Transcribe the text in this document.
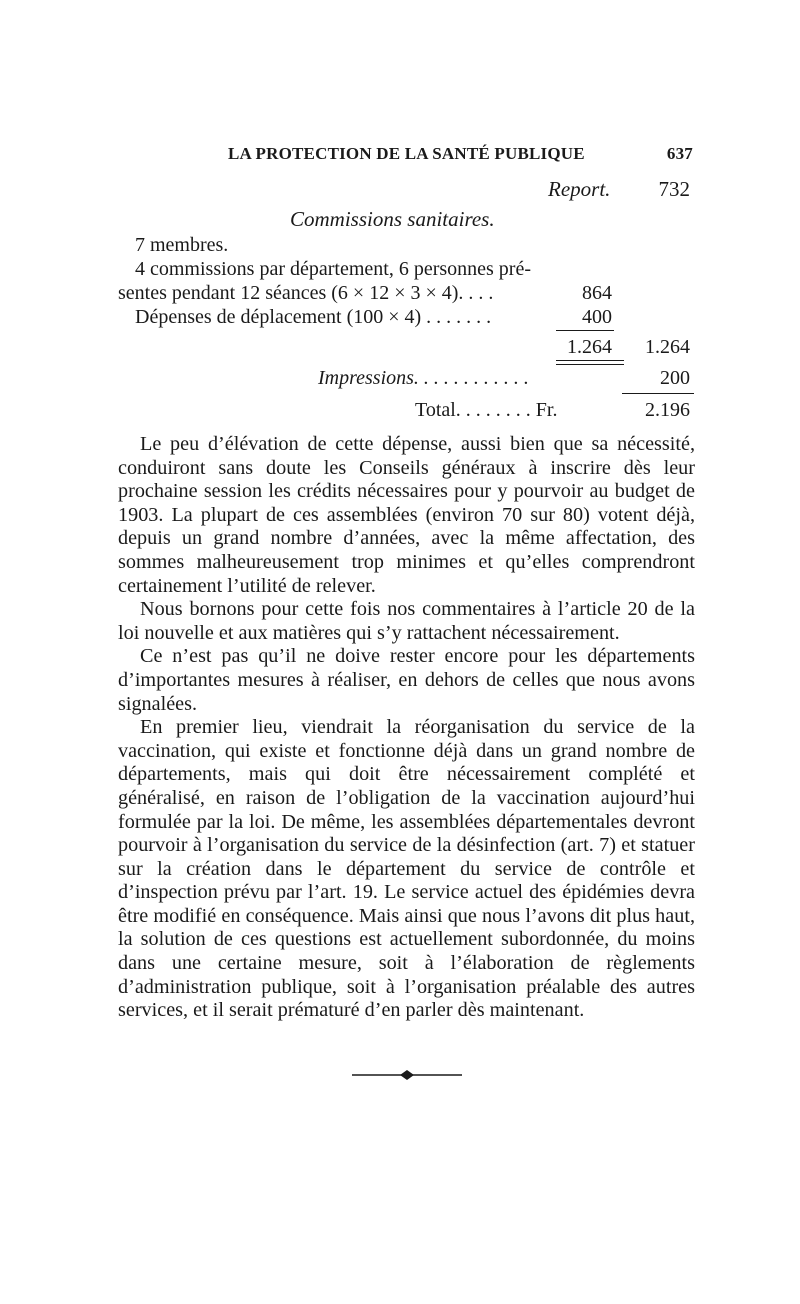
LA PROTECTION DE LA SANTÉ PUBLIQUE	637
Report. 732
Commissions sanitaires.
7 membres.
4 commissions par département, 6 personnes pré-
sentes pendant 12 séances (6 × 12 × 3 × 4). . . .	864
Dépenses de déplacement (100 × 4) . . . . . . .	400
1.264 1.264
Impressions. . . . . . . . . . . .	200
Total. . . . . . . . Fr.	2.196

Le peu d’élévation de cette dépense, aussi bien que sa nécessité, conduiront sans doute les Conseils généraux à inscrire dès leur prochaine session les crédits nécessaires pour y pourvoir au budget de 1903. La plupart de ces assemblées (environ 70 sur 80) votent déjà, depuis un grand nombre d’années, avec la même affectation, des sommes malheureusement trop minimes et qu’elles comprendront certainement l’utilité de relever.

Nous bornons pour cette fois nos commentaires à l’article 20 de la loi nouvelle et aux matières qui s’y rattachent nécessairement.

Ce n’est pas qu’il ne doive rester encore pour les départements d’importantes mesures à réaliser, en dehors de celles que nous avons signalées.

En premier lieu, viendrait la réorganisation du service de la vaccination, qui existe et fonctionne déjà dans un grand nombre de départements, mais qui doit être nécessairement complété et généralisé, en raison de l’obligation de la vaccination aujourd’hui formulée par la loi. De même, les assemblées départementales devront pourvoir à l’organisation du service de la désinfection (art. 7) et statuer sur la création dans le département du service de contrôle et d’inspection prévu par l’art. 19. Le service actuel des épidémies devra être modifié en conséquence. Mais ainsi que nous l’avons dit plus haut, la solution de ces questions est actuellement subordonnée, du moins dans une certaine mesure, soit à l’élaboration de règlements d’administration publique, soit à l’organisation préalable des autres services, et il serait prématuré d’en parler dès maintenant.
